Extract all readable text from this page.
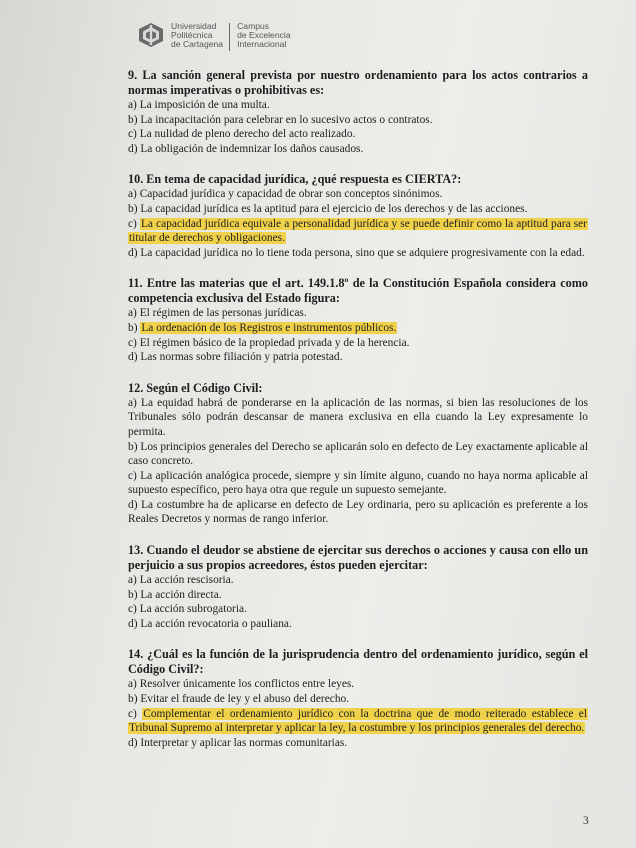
Universidad
Politécnica
de Cartagena
Campus
de Excelencia
Internacional
9. La sanción general prevista por nuestro ordenamiento para los actos contrarios a normas imperativas o prohibitivas es:
a) La imposición de una multa.
b) La incapacitación para celebrar en lo sucesivo actos o contratos.
c) La nulidad de pleno derecho del acto realizado.
d) La obligación de indemnizar los daños causados.
10. En tema de capacidad jurídica, ¿qué respuesta es CIERTA?:
a) Capacidad jurídica y capacidad de obrar son conceptos sinónimos.
b) La capacidad jurídica es la aptitud para el ejercicio de los derechos y de las acciones.
c) La capacidad jurídica equivale a personalidad jurídica y se puede definir como la aptitud para ser titular de derechos y obligaciones.
d) La capacidad jurídica no lo tiene toda persona, sino que se adquiere progresivamente con la edad.
11. Entre las materias que el art. 149.1.8º de la Constitución Española considera como competencia exclusiva del Estado figura:
a) El régimen de las personas jurídicas.
b) La ordenación de los Registros e instrumentos públicos.
c) El régimen básico de la propiedad privada y de la herencia.
d) Las normas sobre filiación y patria potestad.
12. Según el Código Civil:
a) La equidad habrá de ponderarse en la aplicación de las normas, si bien las resoluciones de los Tribunales sólo podrán descansar de manera exclusiva en ella cuando la Ley expresamente lo permita.
b) Los principios generales del Derecho se aplicarán solo en defecto de Ley exactamente aplicable al caso concreto.
c) La aplicación analógica procede, siempre y sin límite alguno, cuando no haya norma aplicable al supuesto específico, pero haya otra que regule un supuesto semejante.
d) La costumbre ha de aplicarse en defecto de Ley ordinaria, pero su aplicación es preferente a los Reales Decretos y normas de rango inferior.
13. Cuando el deudor se abstiene de ejercitar sus derechos o acciones y causa con ello un perjuicio a sus propios acreedores, éstos pueden ejercitar:
a) La acción rescisoria.
b) La acción directa.
c) La acción subrogatoria.
d) La acción revocatoria o pauliana.
14. ¿Cuál es la función de la jurisprudencia dentro del ordenamiento jurídico, según el Código Civil?:
a) Resolver únicamente los conflictos entre leyes.
b) Evitar el fraude de ley y el abuso del derecho.
c) Complementar el ordenamiento jurídico con la doctrina que de modo reiterado establece el Tribunal Supremo al interpretar y aplicar la ley, la costumbre y los principios generales del derecho.
d) Interpretar y aplicar las normas comunitarias.
3
